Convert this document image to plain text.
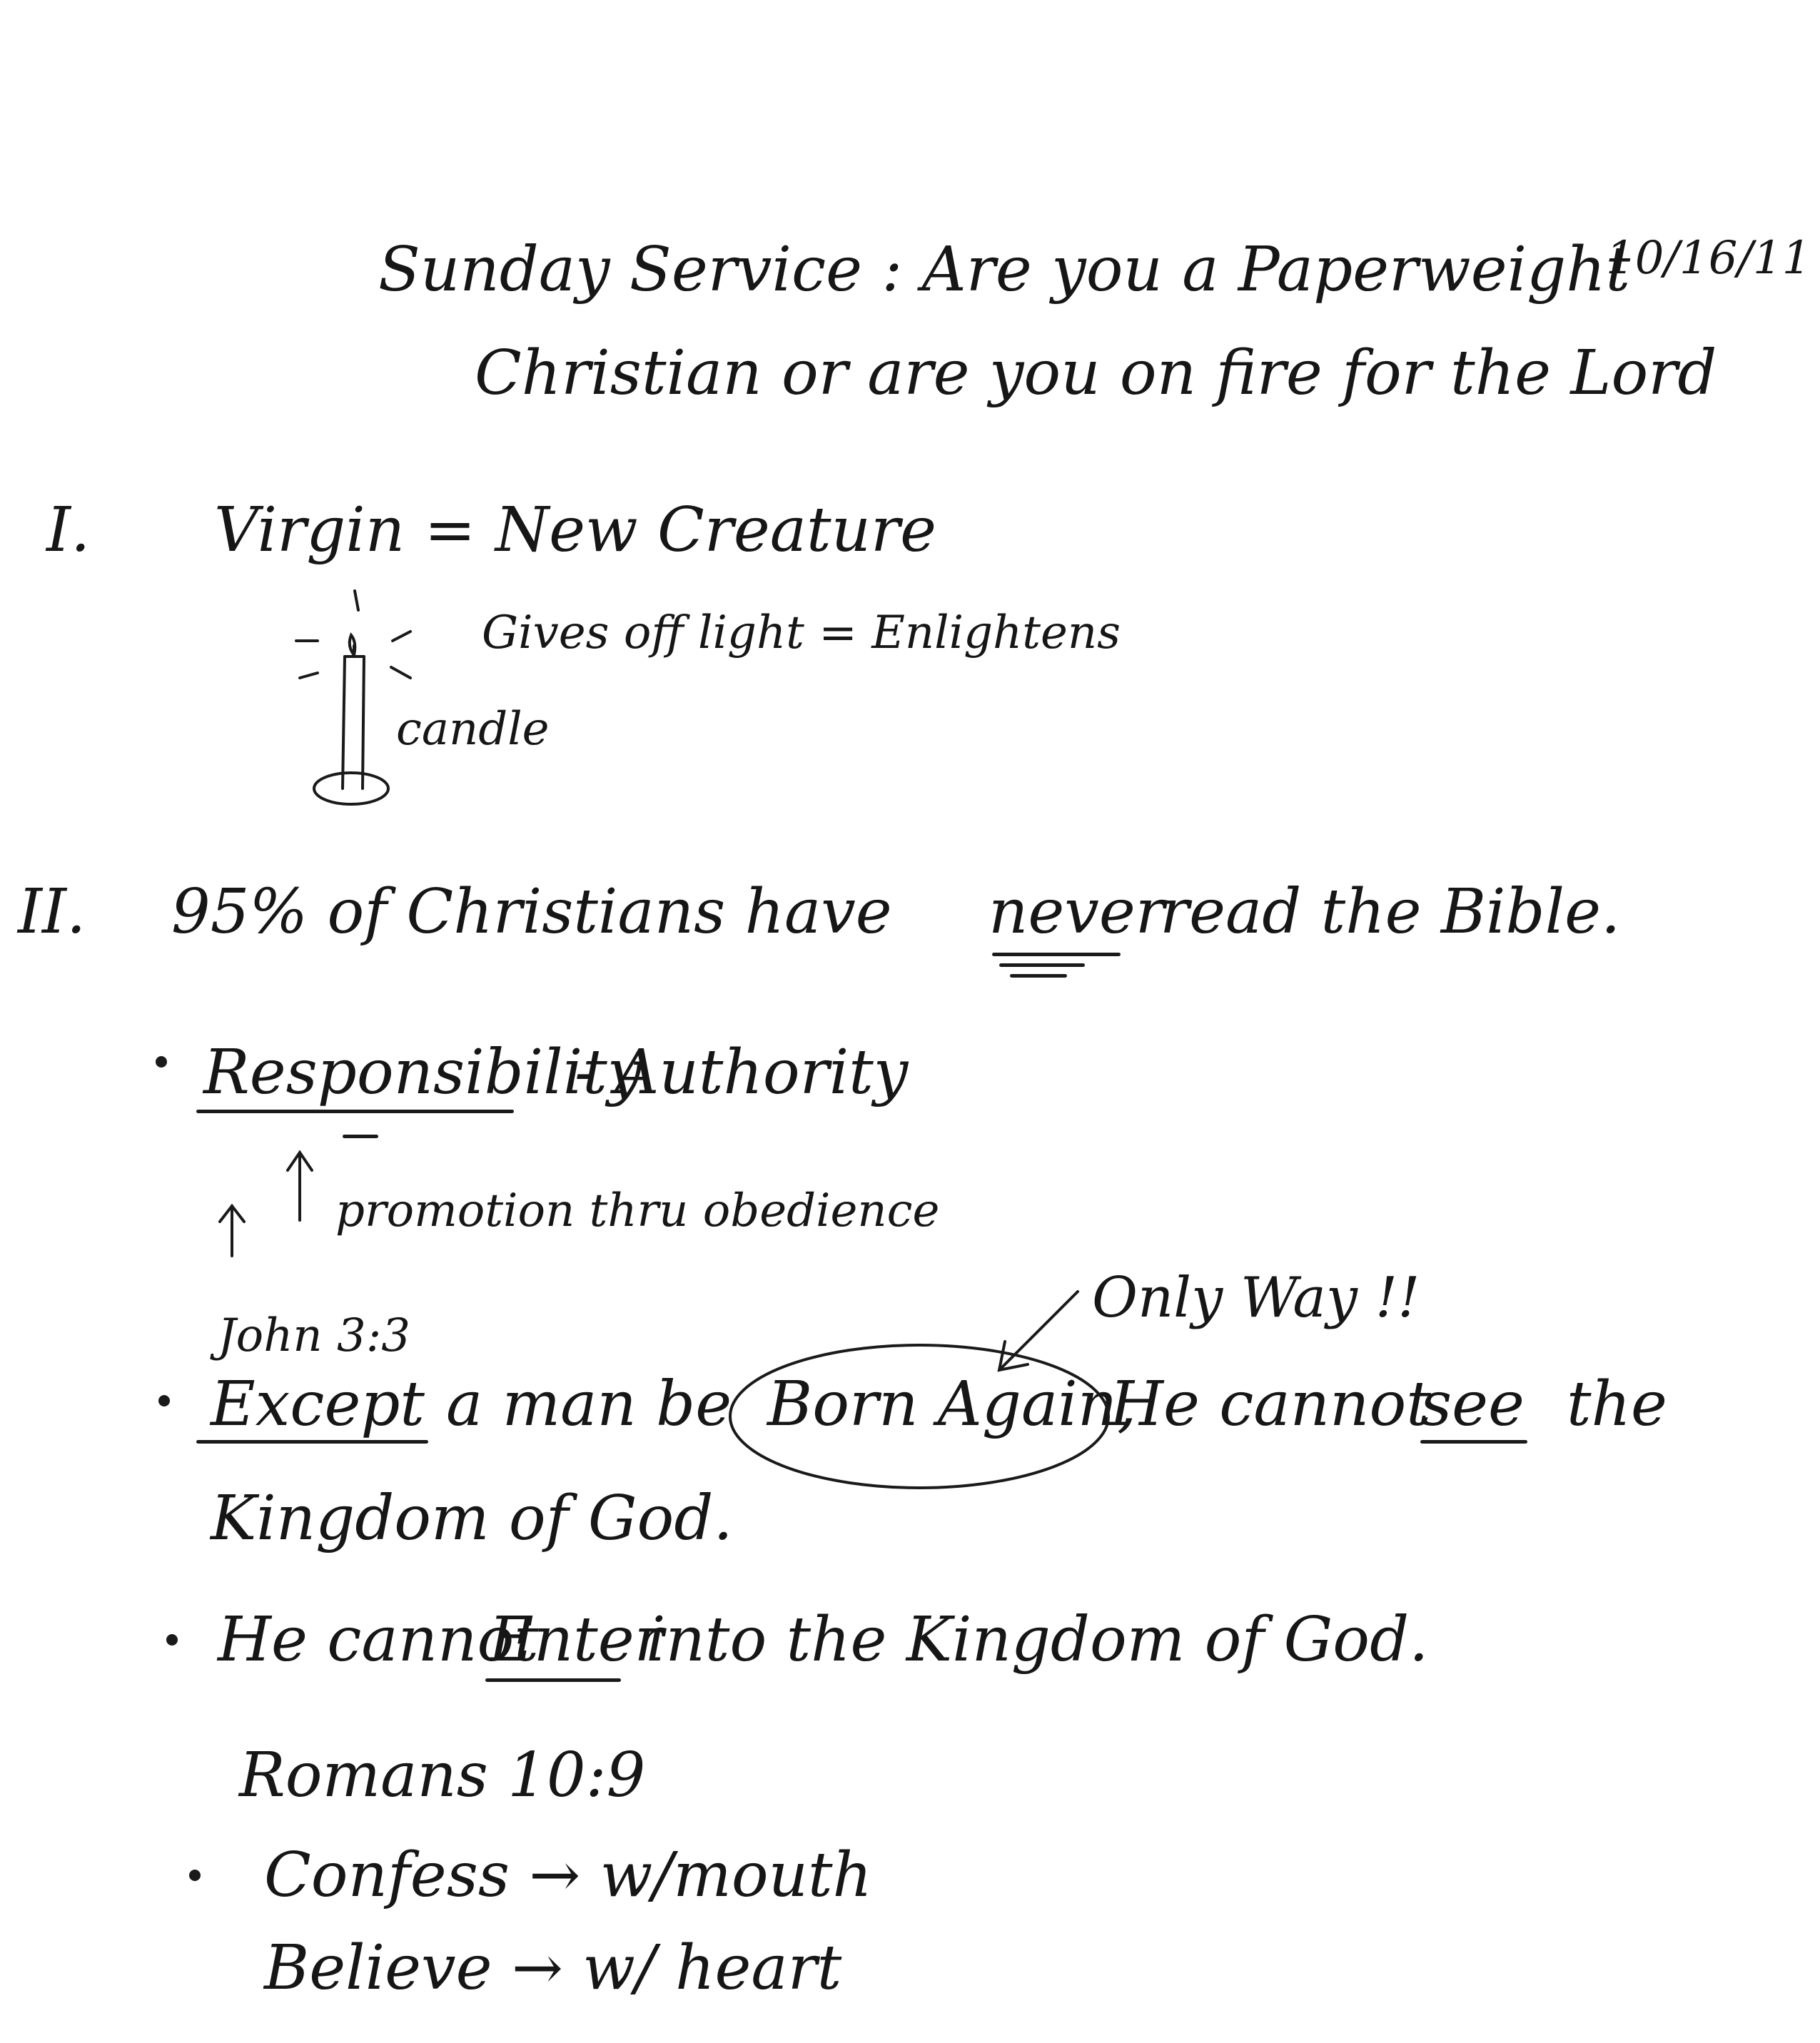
Sunday Service : Are you a Paperweight
Christian or are you on fire for the Lord
10/16/11
I. Virgin = New Creature
Gives off light = Enlightens
candle
II. 95% of Christians have never
read the Bible.
Responsibility
- Authority
promotion thru obedience
John 3:3
Only Way !!
Except a man be Born Again,
He cannot
see the
Kingdom of God.
He cannot
Enter
into the Kingdom of God.
Romans 10:9
Confess → w/mouth
Believe → w/ heart
